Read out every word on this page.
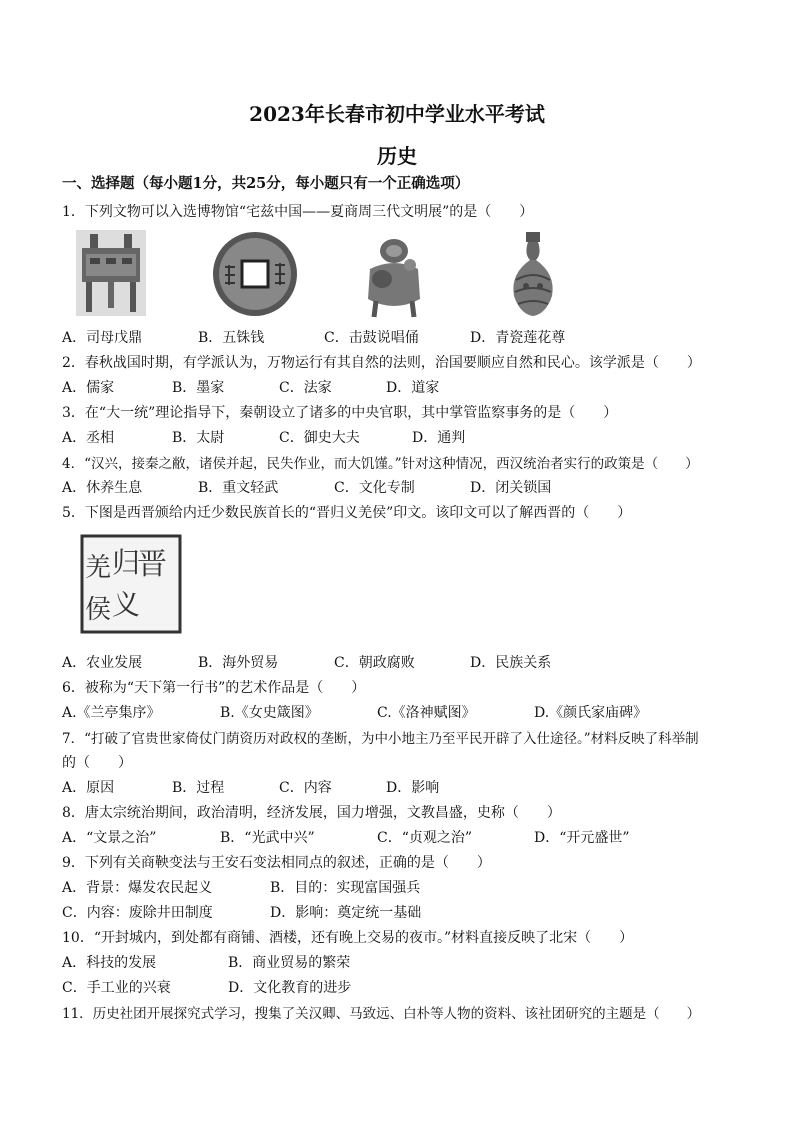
2023年长春市初中学业水平考试
历史
一、选择题（每小题1分，共25分，每小题只有一个正确选项）
1．下列文物可以入选博物馆“宅兹中国——夏商周三代文明展”的是（　　）
A．司母戊鼎	B．五铢钱	C．击鼓说唱俑	D．青瓷莲花尊
2．春秋战国时期，有学派认为，万物运行有其自然的法则，治国要顺应自然和民心。该学派是（　　）
A．儒家	B．墨家	C．法家	D．道家
3．在“大一统”理论指导下，秦朝设立了诸多的中央官职，其中掌管监察事务的是（　　）
A．丞相	B．太尉	C．御史大夫	D．通判
4．“汉兴，接秦之敝，诸侯并起，民失作业，而大饥馑。”针对这种情况，西汉统治者实行的政策是（　　）
A．休养生息	B．重文轻武	C．文化专制	D．闭关锁国
5．下图是西晋颁给内迁少数民族首长的“晋归义羌侯”印文。该印文可以了解西晋的（　　）
晋
归
义
羌
侯
A．农业发展	B．海外贸易	C．朝政腐败	D．民族关系
6．被称为“天下第一行书”的艺术作品是（　　）
A.《兰亭集序》	B.《女史箴图》	C.《洛神赋图》	D.《颜氏家庙碑》
7．“打破了官贵世家倚仗门荫资历对政权的垄断，为中小地主乃至平民开辟了入仕途径。”材料反映了科举制
的（　　）
A．原因	B．过程	C．内容	D．影响
8．唐太宗统治期间，政治清明，经济发展，国力增强，文教昌盛，史称（　　）
A．“文景之治”	B．“光武中兴”	C．“贞观之治”	D．“开元盛世”
9．下列有关商鞅变法与王安石变法相同点的叙述，正确的是（　　）
A．背景：爆发农民起义	B．目的：实现富国强兵
C．内容：废除井田制度	D．影响：奠定统一基础
10．“开封城内，到处都有商铺、酒楼，还有晚上交易的夜市。”材料直接反映了北宋（　　）
A．科技的发展	B．商业贸易的繁荣
C．手工业的兴衰	D．文化教育的进步
11．历史社团开展探究式学习，搜集了关汉卿、马致远、白朴等人物的资料、该社团研究的主题是（　　）
